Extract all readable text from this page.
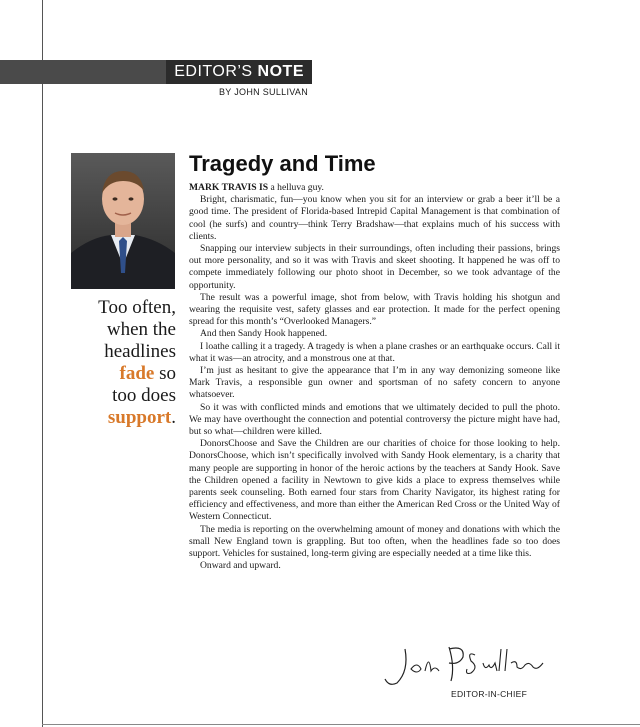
EDITOR’S NOTE
BY JOHN SULLIVAN
Too often,
when the
headlines
fade so
too does
support.
Tragedy and Time

MARK TRAVIS IS a helluva guy.

Bright, charismatic, fun—you know when you sit for an interview or grab a beer it’ll be a good time. The president of Florida-based Intrepid Capital Management is that combination of cool (he surfs) and country—think Terry Bradshaw—that explains much of his success with clients.

Snapping our interview subjects in their surroundings, often including their passions, brings out more personality, and so it was with Travis and skeet shooting. It happened he was off to compete immediately following our photo shoot in December, so we took advantage of the opportunity.

The result was a powerful image, shot from below, with Travis holding his shotgun and wearing the requisite vest, safety glasses and ear protection. It made for the perfect opening spread for this month’s “Overlooked Managers.”

And then Sandy Hook happened.

I loathe calling it a tragedy. A tragedy is when a plane crashes or an earthquake occurs. Call it what it was—an atrocity, and a monstrous one at that.

I’m just as hesitant to give the appearance that I’m in any way demonizing someone like Mark Travis, a responsible gun owner and sportsman of no safety concern to anyone whatsoever.

So it was with conflicted minds and emotions that we ultimately decided to pull the photo. We may have overthought the connection and potential controversy the picture might have had, but so what—children were killed.

DonorsChoose and Save the Children are our charities of choice for those looking to help. DonorsChoose, which isn’t specifically involved with Sandy Hook elementary, is a charity that many people are supporting in honor of the heroic actions by the teachers at Sandy Hook. Save the Children opened a facility in Newtown to give kids a place to express themselves while parents seek counseling. Both earned four stars from Charity Navigator, its highest rating for efficiency and effectiveness, and more than either the American Red Cross or the United Way of Western Connecticut.

The media is reporting on the overwhelming amount of money and donations with which the small New England town is grappling. But too often, when the headlines fade so too does support. Vehicles for sustained, long-term giving are especially needed at a time like this.

Onward and upward.

EDITOR-IN-CHIEF
